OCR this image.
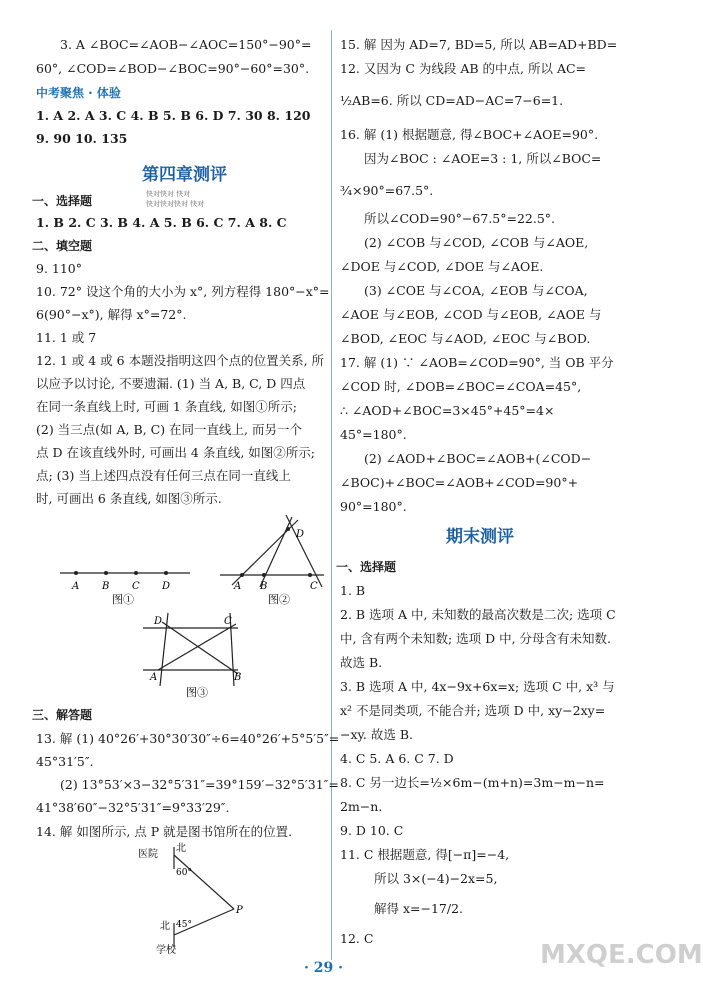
3. A ∠BOC=∠AOB−∠AOC=150°−90°=
60°, ∠COD=∠BOD−∠BOC=90°−60°=30°.
中考聚焦 · 体验
1. A 2. A 3. C 4. B 5. B 6. D 7. 30 8. 120
9. 90 10. 135
第四章测评
快对快对 快对
快对快对快对 快对
一、选择题
1. B 2. C 3. B 4. A 5. B 6. C 7. A 8. C
二、填空题
9. 110°
10. 72° 设这个角的大小为 x°, 列方程得 180°−x°=
6(90°−x°), 解得 x°=72°.
11. 1 或 7
12. 1 或 4 或 6 本题没指明这四个点的位置关系, 所
以应予以讨论, 不要遗漏. (1) 当 A, B, C, D 四点
在同一条直线上时, 可画 1 条直线, 如图①所示;
(2) 当三点(如 A, B, C) 在同一直线上, 而另一个
点 D 在该直线外时, 可画出 4 条直线, 如图②所示;
点; (3) 当上述四点没有任何三点在同一直线上
时, 可画出 6 条直线, 如图③所示.
A B C D
图①
A B
D
C
图②
D	C
A	B
图③
三、解答题
13. 解 (1) 40°26′+30°30′30″÷6=40°26′+5°5′5″=
45°31′5″.
(2) 13°53′×3−32°5′31″=39°159′−32°5′31″=
41°38′60″−32°5′31″=9°33′29″.
14. 解 如图所示, 点 P 就是图书馆所在的位置.
医院
北
60°
P
北 45°
学校
15. 解 因为 AD=7, BD=5, 所以 AB=AD+BD=
12. 又因为 C 为线段 AB 的中点, 所以 AC=
½AB=6. 所以 CD=AD−AC=7−6=1.
16. 解 (1) 根据题意, 得∠BOC+∠AOE=90°.
因为∠BOC : ∠AOE=3 : 1, 所以∠BOC=
¾×90°=67.5°.
所以∠COD=90°−67.5°=22.5°.
(2) ∠COB 与∠COD, ∠COB 与∠AOE,
∠DOE 与∠COD, ∠DOE 与∠AOE.
(3) ∠COE 与∠COA, ∠EOB 与∠COA,
∠AOE 与∠EOB, ∠COD 与∠EOB, ∠AOE 与
∠BOD, ∠EOC 与∠AOD, ∠EOC 与∠BOD.
17. 解 (1) ∵ ∠AOB=∠COD=90°, 当 OB 平分
∠COD 时, ∠DOB=∠BOC=∠COA=45°,
∴ ∠AOD+∠BOC=3×45°+45°=4×
45°=180°.
(2) ∠AOD+∠BOC=∠AOB+(∠COD−
∠BOC)+∠BOC=∠AOB+∠COD=90°+
90°=180°.
期末测评
一、选择题
1. B
2. B 选项 A 中, 未知数的最高次数是二次; 选项 C
中, 含有两个未知数; 选项 D 中, 分母含有未知数.
故选 B.
3. B 选项 A 中, 4x−9x+6x=x; 选项 C 中, x³ 与
x² 不是同类项, 不能合并; 选项 D 中, xy−2xy=
−xy. 故选 B.
4. C 5. A 6. C 7. D
8. C 另一边长=½×6m−(m+n)=3m−m−n=
2m−n.
9. D 10. C
11. C 根据题意, 得[−π]=−4,
所以 3×(−4)−2x=5,
解得 x=−17/2.
12. C
MXQE.COM
· 29 ·
